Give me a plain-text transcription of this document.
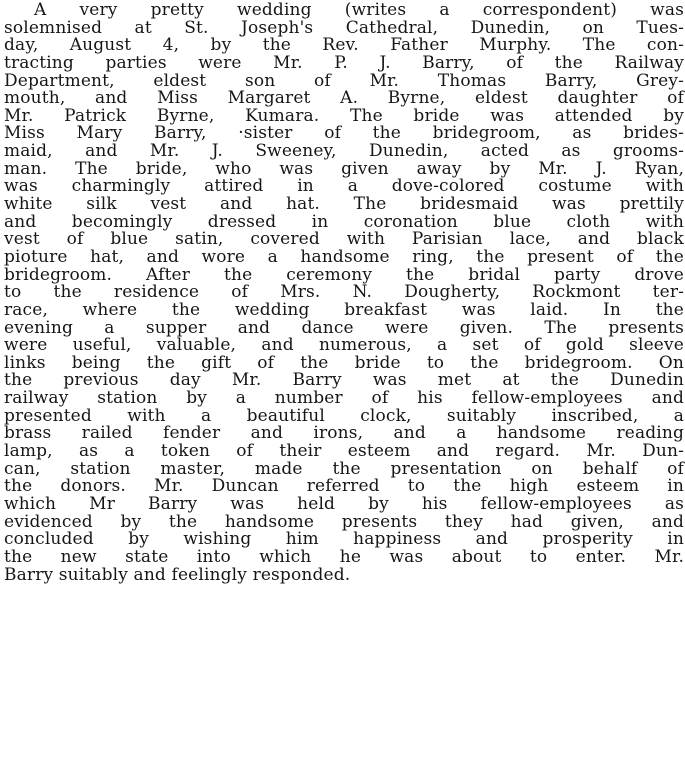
A very pretty wedding (writes a correspondent) was
solemnised at St. Joseph's Cathedral, Dunedin, on Tues-
day, August 4, by the Rev. Father Murphy. The con-
tracting parties were Mr. P. J. Barry, of the Railway
Department, eldest son of Mr. Thomas Barry, Grey-
mouth, and Miss Margaret A. Byrne, eldest daughter of
Mr. Patrick Byrne, Kumara. The bride was attended by
Miss Mary Barry, ·sister of the bridegroom, as brides-
maid, and Mr. J. Sweeney, Dunedin, acted as grooms-
man. The bride, who was given away by Mr. J. Ryan,
was charmingly attired in a dove-colored costume with
white silk vest and hat. The bridesmaid was prettily
and becomingly dressed in coronation blue cloth with
vest of blue satin, covered with Parisian lace, and black
pioture hat, and wore a handsome ring, the present of the
bridegroom. After the ceremony the bridal party drove
to the residence of Mrs. N. Dougherty, Rockmont ter-
race, where the wedding breakfast was laid. In the
evening a supper and dance were given. The presents
were useful, valuable, and numerous, a set of gold sleeve
links being the gift of the bride to the bridegroom. On
the previous day Mr. Barry was met at the Dunedin
railway station by a number of his fellow-employees and
presented with a beautiful clock, suitably inscribed, a
brass railed fender and irons, and a handsome reading
lamp, as a token of their esteem and regard. Mr. Dun-
can, station master, made the presentation on behalf of
the donors. Mr. Duncan referred to the high esteem in
which Mr Barry was held by his fellow-employees as
evidenced by the handsome presents they had given, and
concluded by wishing him happiness and prosperity in
the new state into which he was about to enter. Mr.
Barry suitably and feelingly responded.
